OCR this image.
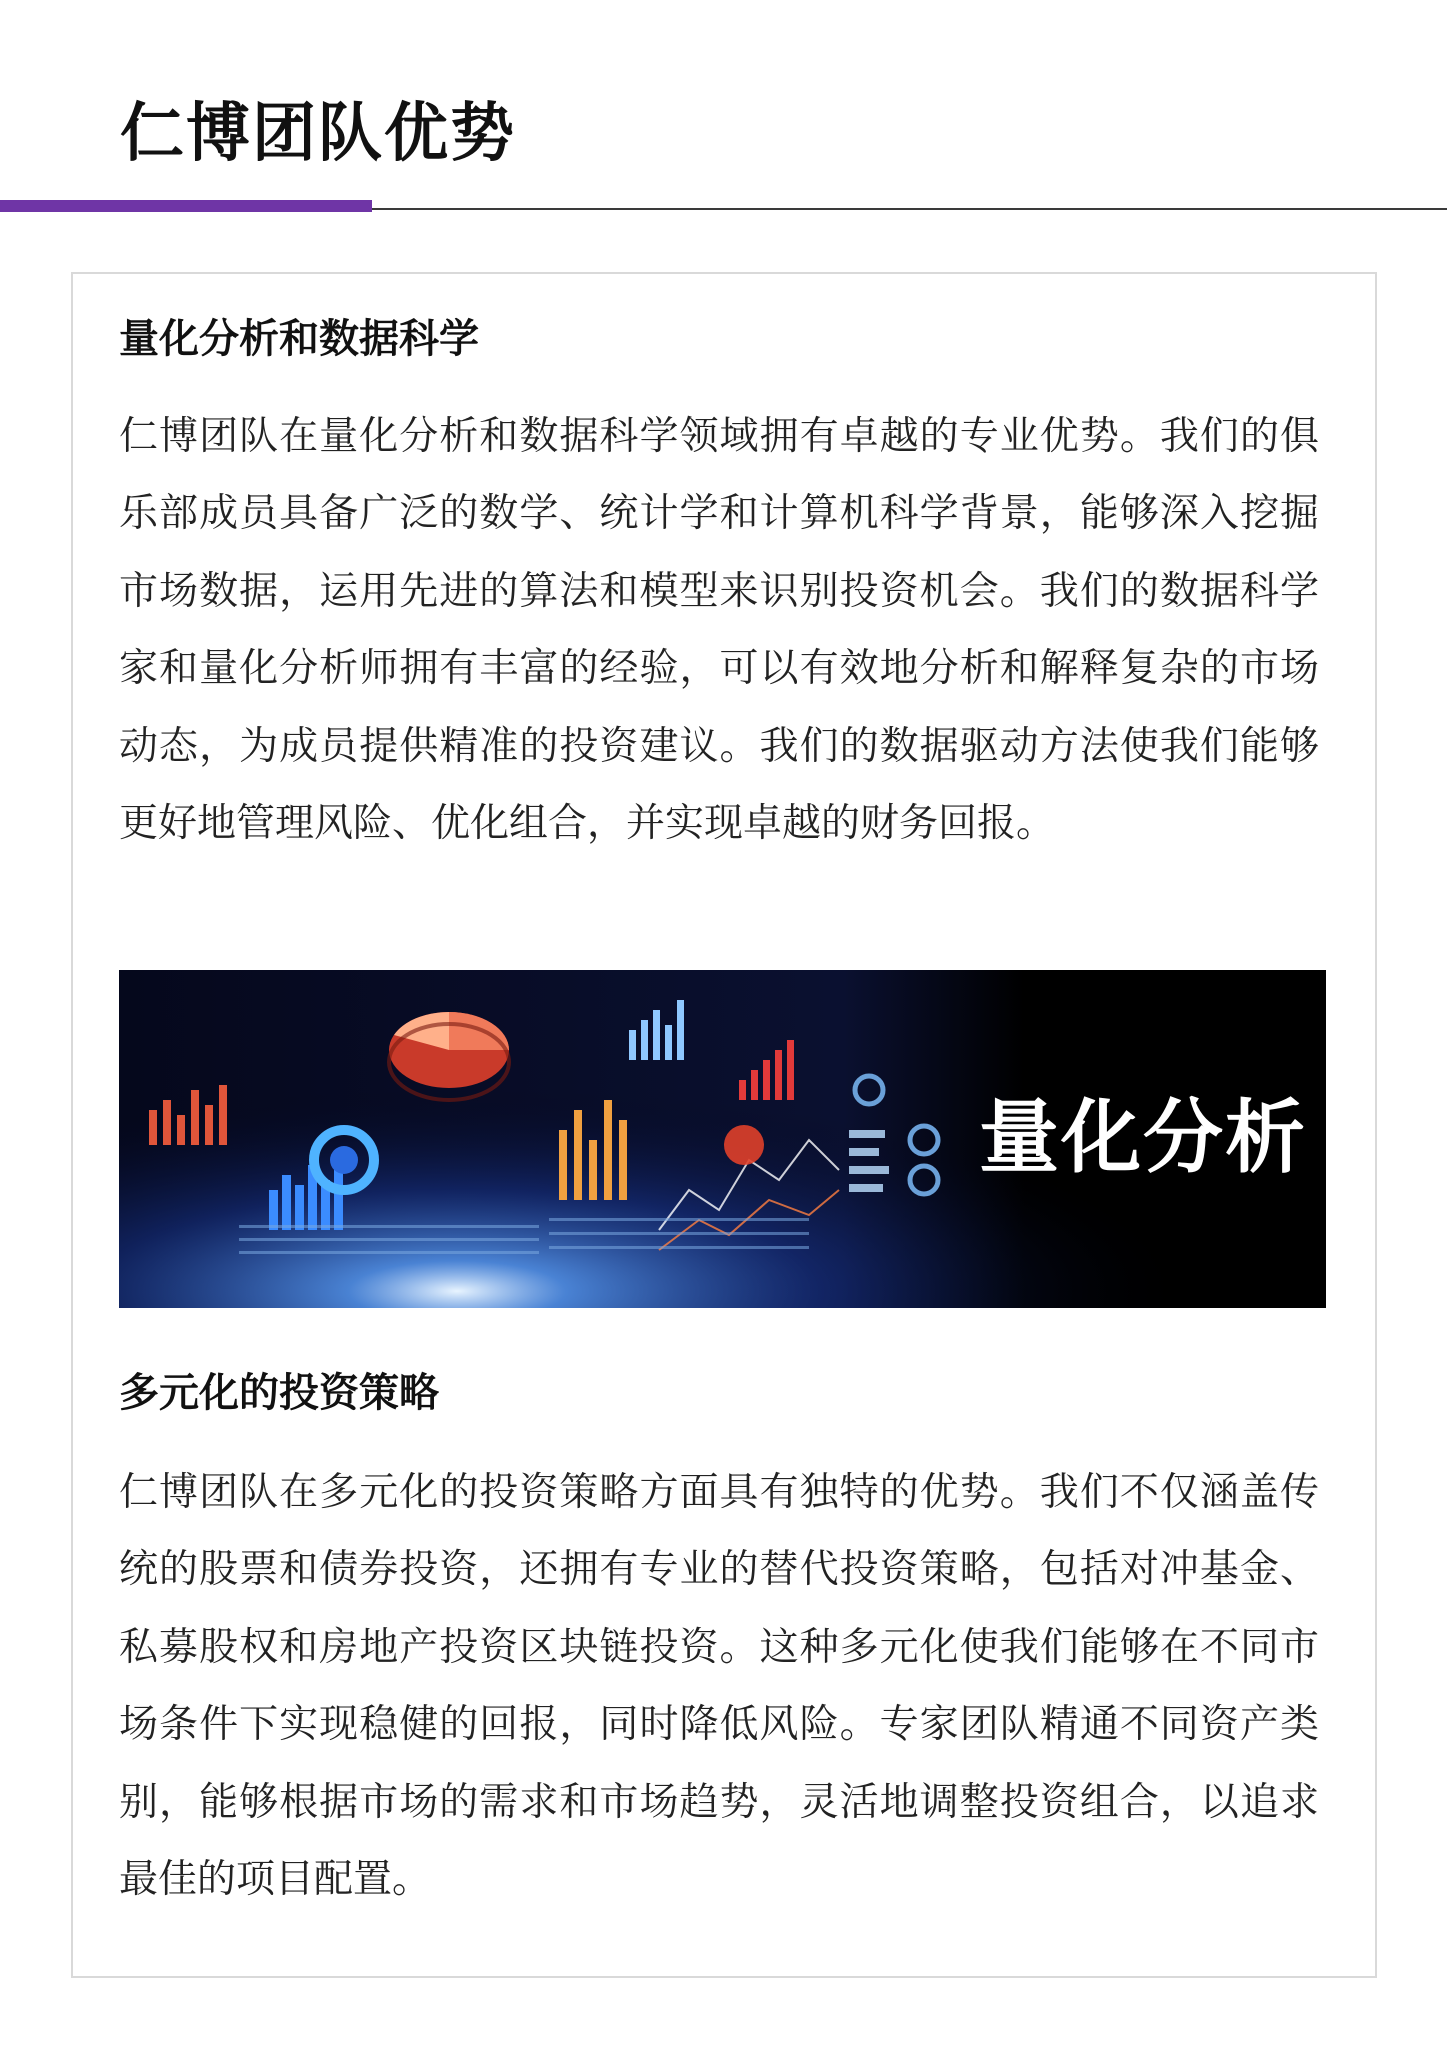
仁博团队优势
量化分析和数据科学

仁博团队在量化分析和数据科学领域拥有卓越的专业优势。我们的俱乐部成员具备广泛的数学、统计学和计算机科学背景，能够深入挖掘市场数据，运用先进的算法和模型来识别投资机会。我们的数据科学家和量化分析师拥有丰富的经验，可以有效地分析和解释复杂的市场动态，为成员提供精准的投资建议。我们的数据驱动方法使我们能够更好地管理风险、优化组合，并实现卓越的财务回报。

量化分析
多元化的投资策略

仁博团队在多元化的投资策略方面具有独特的优势。我们不仅涵盖传统的股票和债券投资，还拥有专业的替代投资策略，包括对冲基金、私募股权和房地产投资区块链投资。这种多元化使我们能够在不同市场条件下实现稳健的回报，同时降低风险。专家团队精通不同资产类别，能够根据市场的需求和市场趋势，灵活地调整投资组合，以追求最佳的项目配置。
